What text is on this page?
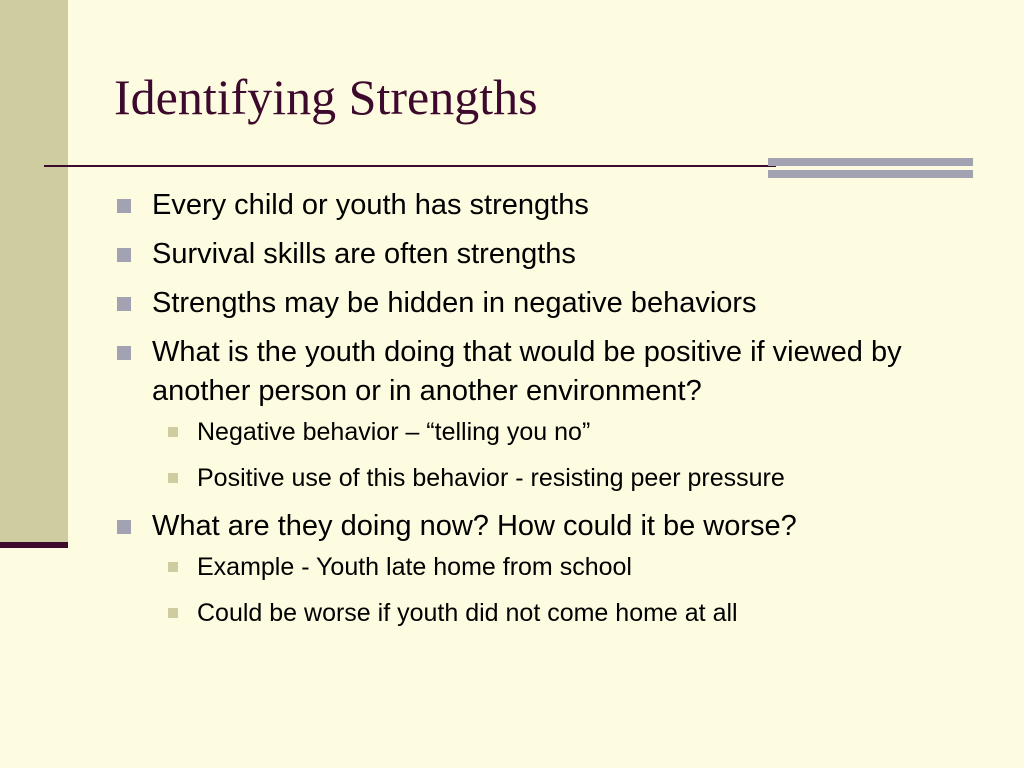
Identifying Strengths
Every child or youth has strengths
Survival skills are often strengths
Strengths may be hidden in negative behaviors
What is the youth doing that would be positive if viewed by another person or in another environment?
Negative behavior – “telling you no”
Positive use of this behavior - resisting peer pressure
What are they doing now? How could it be worse?
Example - Youth late home from school
Could be worse if youth did not come home at all
